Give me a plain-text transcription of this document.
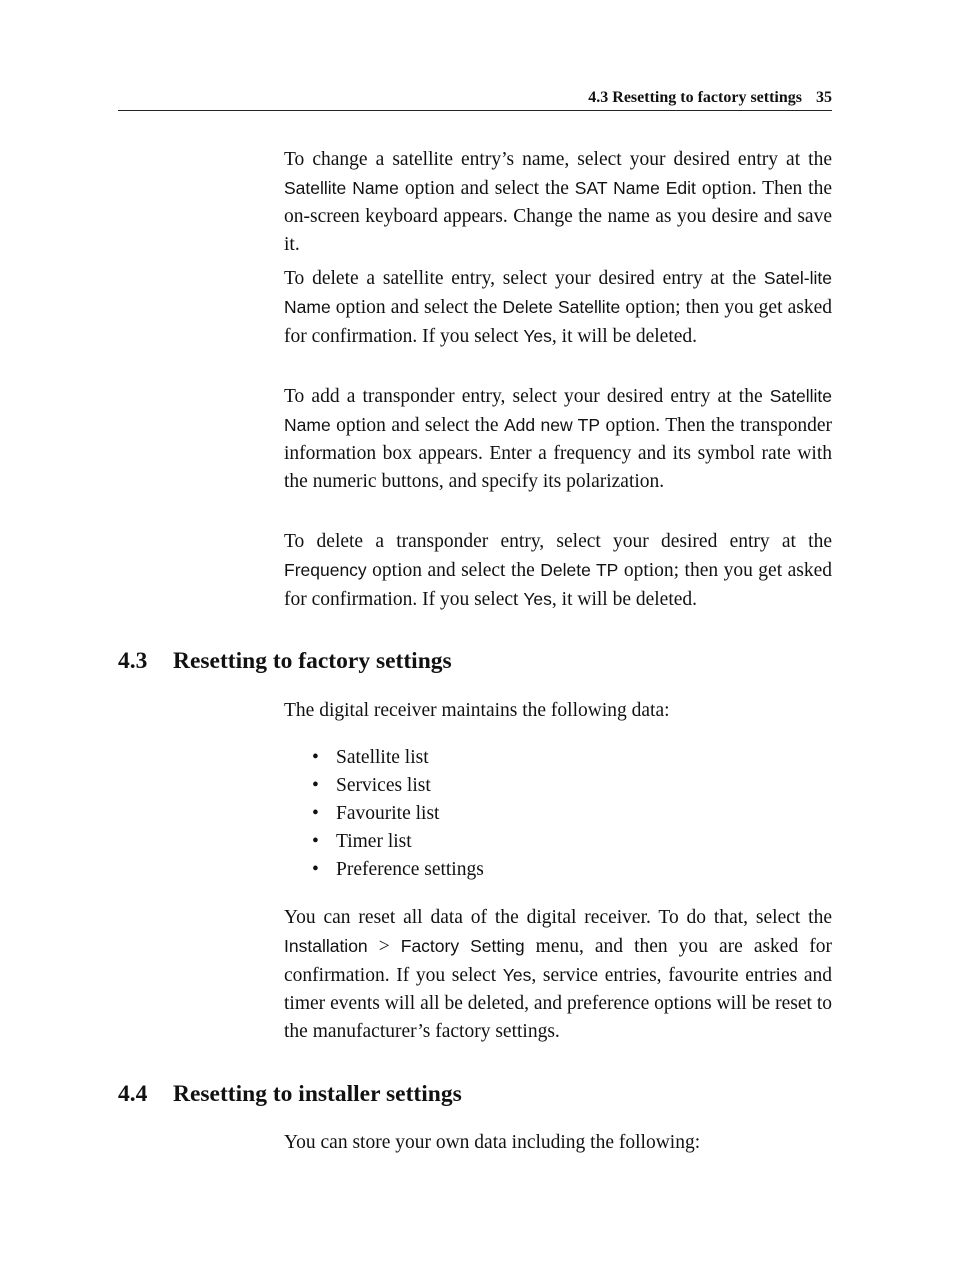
4.3 Resetting to factory settings 35

To change a satellite entry’s name, select your desired entry at the Satellite Name option and select the SAT Name Edit option. Then the on-screen keyboard appears. Change the name as you desire and save it.

To delete a satellite entry, select your desired entry at the Satel-lite Name option and select the Delete Satellite option; then you get asked for confirmation. If you select Yes, it will be deleted.

To add a transponder entry, select your desired entry at the Satellite Name option and select the Add new TP option. Then the transponder information box appears. Enter a frequency and its symbol rate with the numeric buttons, and specify its polarization.

To delete a transponder entry, select your desired entry at the Frequency option and select the Delete TP option; then you get asked for confirmation. If you select Yes, it will be deleted.

4.3 Resetting to factory settings

The digital receiver maintains the following data:

• Satellite list
• Services list
• Favourite list
• Timer list
• Preference settings

You can reset all data of the digital receiver. To do that, select the Installation > Factory Setting menu, and then you are asked for confirmation. If you select Yes, service entries, favourite entries and timer events will all be deleted, and preference options will be reset to the manufacturer’s factory settings.

4.4 Resetting to installer settings

You can store your own data including the following:
